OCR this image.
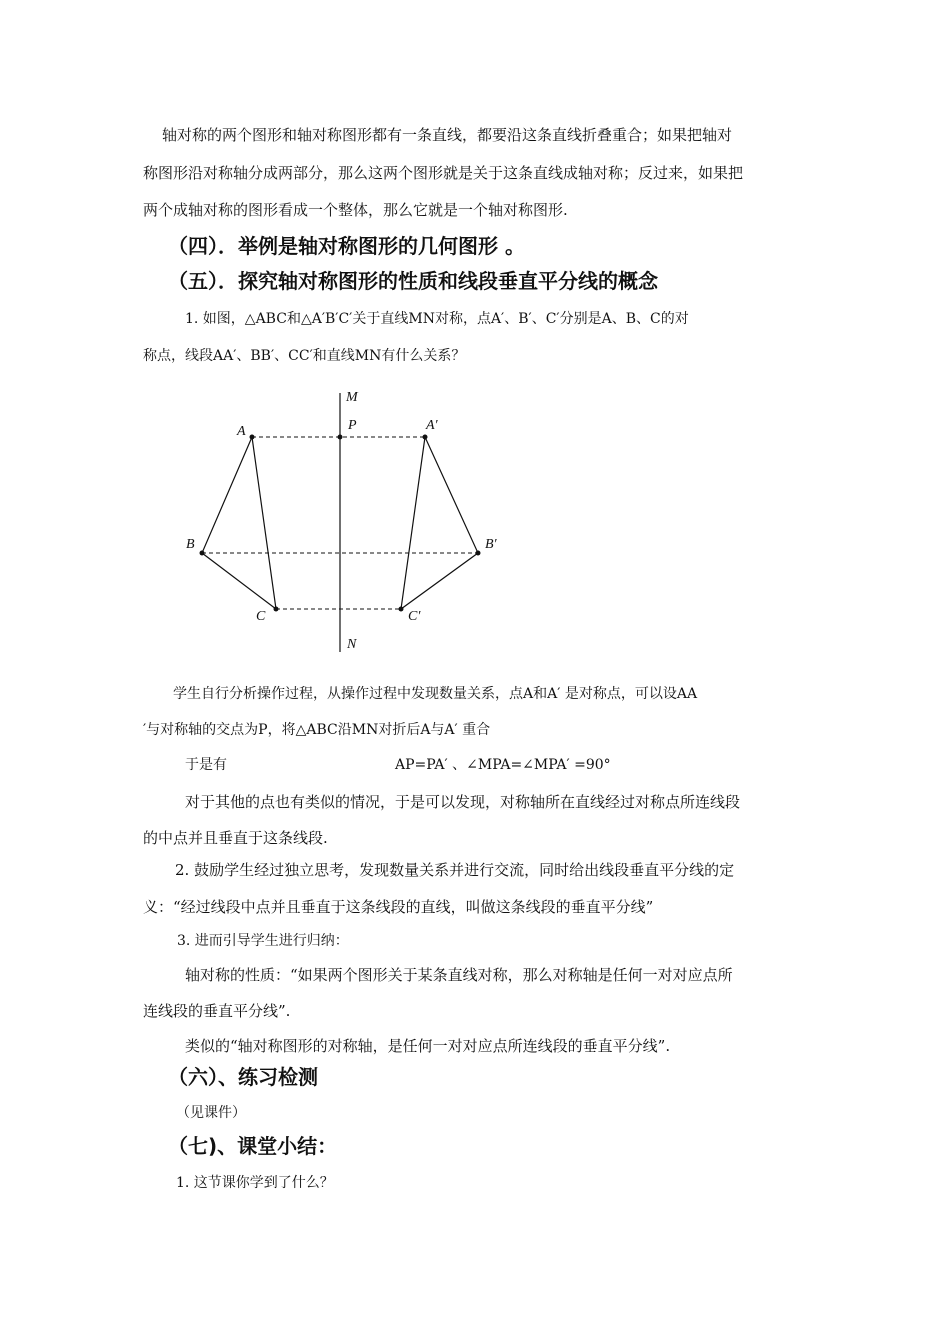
轴对称的两个图形和轴对称图形都有一条直线，都要沿这条直线折叠重合；如果把轴对
称图形沿对称轴分成两部分，那么这两个图形就是关于这条直线成轴对称；反过来，如果把
两个成轴对称的图形看成一个整体，那么它就是一个轴对称图形.
（四）．举例是轴对称图形的几何图形 。
（五）．探究轴对称图形的性质和线段垂直平分线的概念
1. 如图，△ABC和△A′B′C′关于直线MN对称，点A′、B′、C′分别是A、B、C的对
称点，线段AA′、BB′、CC′和直线MN有什么关系？
M
P
N
A
B
C
A′
B′
C′
学生自行分析操作过程，从操作过程中发现数量关系，点A和A′ 是对称点，可以设AA
′与对称轴的交点为P，将△ABC沿MN对折后A与A′ 重合
于是有	AP=PA′ 、∠MPA=∠MPA′ =90°
对于其他的点也有类似的情况，于是可以发现，对称轴所在直线经过对称点所连线段
的中点并且垂直于这条线段.
2. 鼓励学生经过独立思考，发现数量关系并进行交流，同时给出线段垂直平分线的定
义：“经过线段中点并且垂直于这条线段的直线，叫做这条线段的垂直平分线”
3. 进而引导学生进行归纳：
轴对称的性质：“如果两个图形关于某条直线对称，那么对称轴是任何一对对应点所
连线段的垂直平分线”.
类似的“轴对称图形的对称轴，是任何一对对应点所连线段的垂直平分线”.
（六）、练习检测
（见课件）
（七)、课堂小结：
1. 这节课你学到了什么？
